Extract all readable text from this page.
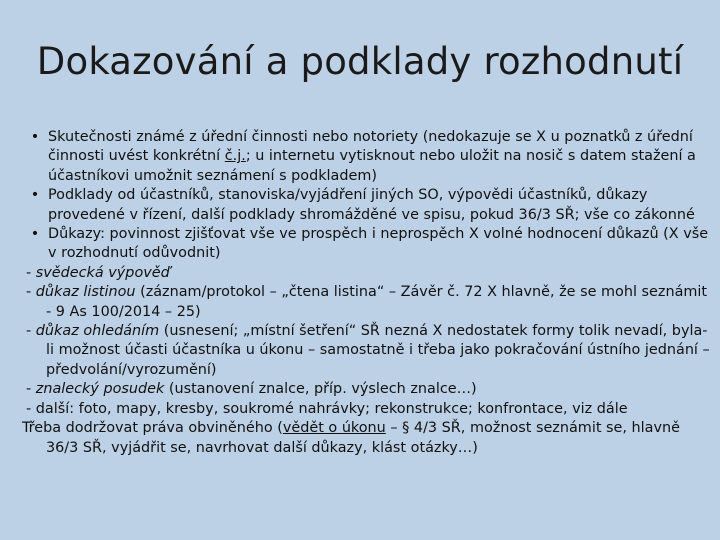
Dokazování a podklady rozhodnutí
• Skutečnosti známé z úřední činnosti nebo notoriety (nedokazuje se X u poznatků z úřední činnosti uvést konkrétní č.j.; u internetu vytisknout nebo uložit na nosič s datem stažení a účastníkovi umožnit seznámení s podkladem)
• Podklady od účastníků, stanoviska/vyjádření jiných SO, výpovědi účastníků, důkazy provedené v řízení, další podklady shromážděné ve spisu, pokud 36/3 SŘ; vše co zákonné
• Důkazy: povinnost zjišťovat vše ve prospěch i neprospěch X volné hodnocení důkazů (X vše v rozhodnutí odůvodnit)
- svědecká výpověď
- důkaz listinou (záznam/protokol – „čtena listina“ – Závěr č. 72 X hlavně, že se mohl seznámit - 9 As 100/2014 – 25)
- důkaz ohledáním (usnesení; „místní šetření“ SŘ nezná X nedostatek formy tolik nevadí, byla-li možnost účasti účastníka u úkonu – samostatně i třeba jako pokračování ústního jednání – předvolání/vyrozumění)
- znalecký posudek (ustanovení znalce, příp. výslech znalce…)
- další: foto, mapy, kresby, soukromé nahrávky; rekonstrukce; konfrontace, viz dále
Třeba dodržovat práva obviněného (vědět o úkonu – § 4/3 SŘ, možnost seznámit se, hlavně 36/3 SŘ, vyjádřit se, navrhovat další důkazy, klást otázky…)
